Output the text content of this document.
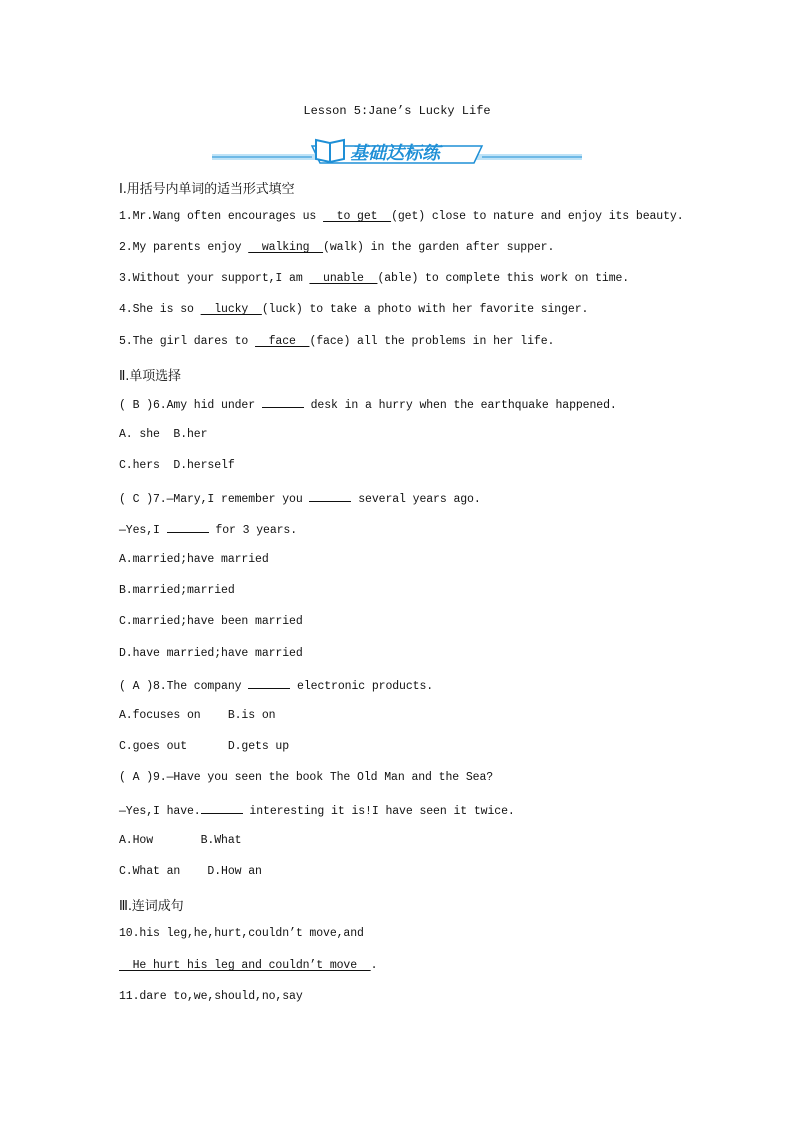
Lesson 5:Jane’s Lucky Life
基础达标练
Ⅰ.用括号内单词的适当形式填空
1.Mr.Wang often encourages us   to get  (get) close to nature and enjoy its beauty.
2.My parents enjoy   walking  (walk) in the garden after supper.
3.Without your support,I am   unable  (able) to complete this work on time.
4.She is so   lucky  (luck) to take a photo with her favorite singer.
5.The girl dares to   face  (face) all the problems in her life.
Ⅱ.单项选择
( B )6.Amy hid under	desk in a hurry when the earthquake happened.
A. she  B.her
C.hers  D.herself
( C )7.—Mary,I remember you	several years ago.
—Yes,I	for 3 years.
A.married;have married
B.married;married
C.married;have been married
D.have married;have married
( A )8.The company	electronic products.
A.focuses on    B.is on
C.goes out      D.gets up
( A )9.—Have you seen the book The Old Man and the Sea?
—Yes,I have.	interesting it is!I have seen it twice.
A.How       B.What
C.What an    D.How an
Ⅲ.连词成句
10.his leg,he,hurt,couldn’t move,and
He hurt his leg and couldn’t move  .
11.dare to,we,should,no,say
